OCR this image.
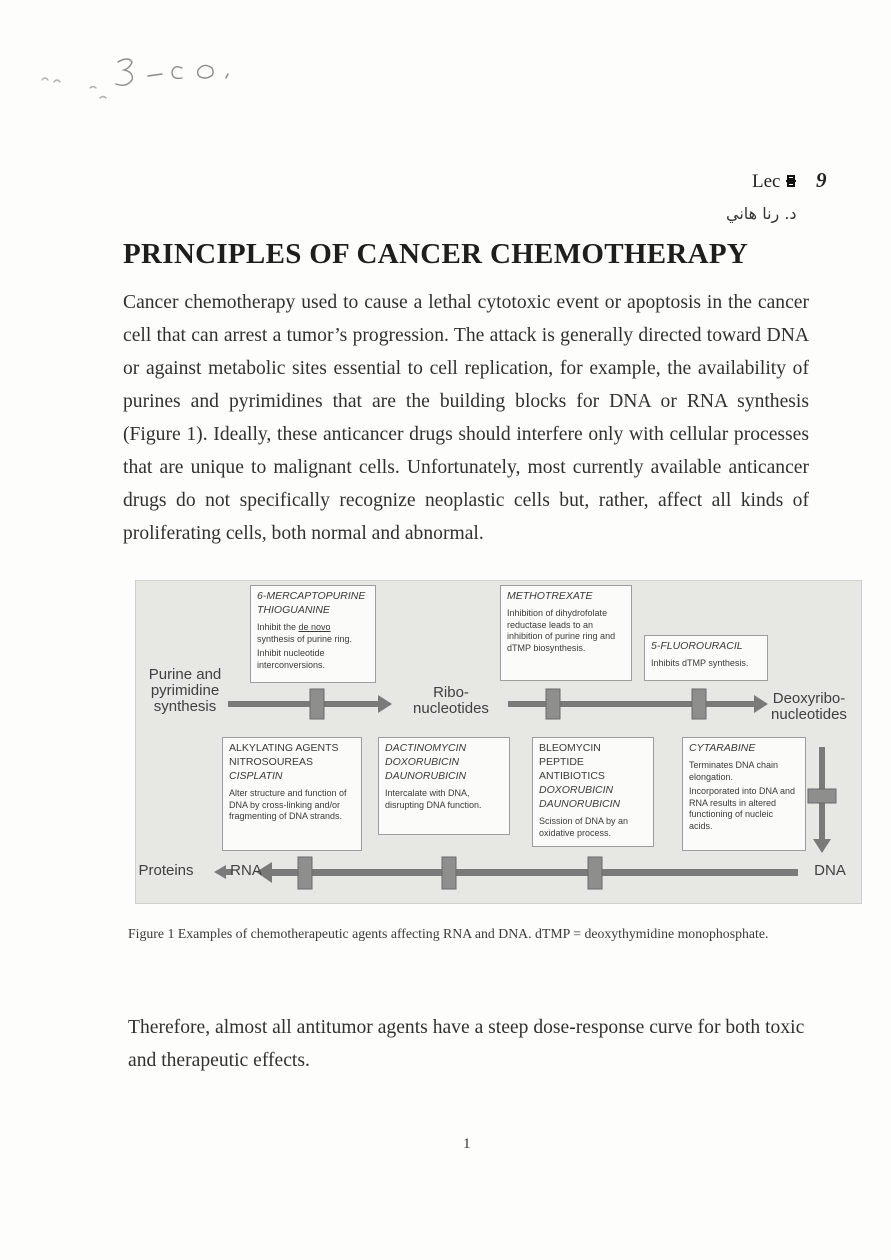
Lec 9
د. رنا هاني
PRINCIPLES OF CANCER CHEMOTHERAPY
Cancer chemotherapy used to cause a lethal cytotoxic event or apoptosis in the cancer cell that can arrest a tumor’s progression. The attack is generally directed toward DNA or against metabolic sites essential to cell replication, for example, the availability of purines and pyrimidines that are the building blocks for DNA or RNA synthesis (Figure 1). Ideally, these anticancer drugs should interfere only with cellular processes that are unique to malignant cells. Unfortunately, most currently available anticancer drugs do not specifically recognize neoplastic cells but, rather, affect all kinds of proliferating cells, both normal and abnormal.
Purine and pyrimidine synthesis
Ribo- nucleotides
Deoxyribo- nucleotides
Proteins RNA	DNA
6-MERCAPTOPURINE
THIOGUANINE
Inhibit the de novo synthesis of purine ring.
Inhibit nucleotide interconversions.
METHOTREXATE
Inhibition of dihydrofolate reductase leads to an inhibition of purine ring and dTMP biosynthesis.	5-FLUOROURACIL
Inhibits dTMP synthesis.
ALKYLATING AGENTS
NITROSOUREAS
CISPLATIN
Alter structure and function of DNA by cross-linking and/or fragmenting of DNA strands.
DACTINOMYCIN
DOXORUBICIN
DAUNORUBICIN
Intercalate with DNA, disrupting DNA function.
BLEOMYCIN PEPTIDE ANTIBIOTICS
DOXORUBICIN
DAUNORUBICIN
Scission of DNA by an oxidative process.
CYTARABINE
Terminates DNA chain elongation.
Incorporated into DNA and RNA results in altered functioning of nucleic acids.
Figure 1 Examples of chemotherapeutic agents affecting RNA and DNA. dTMP = deoxythymidine monophosphate.
Therefore, almost all antitumor agents have a steep dose-response curve for both toxic and therapeutic effects.
1
